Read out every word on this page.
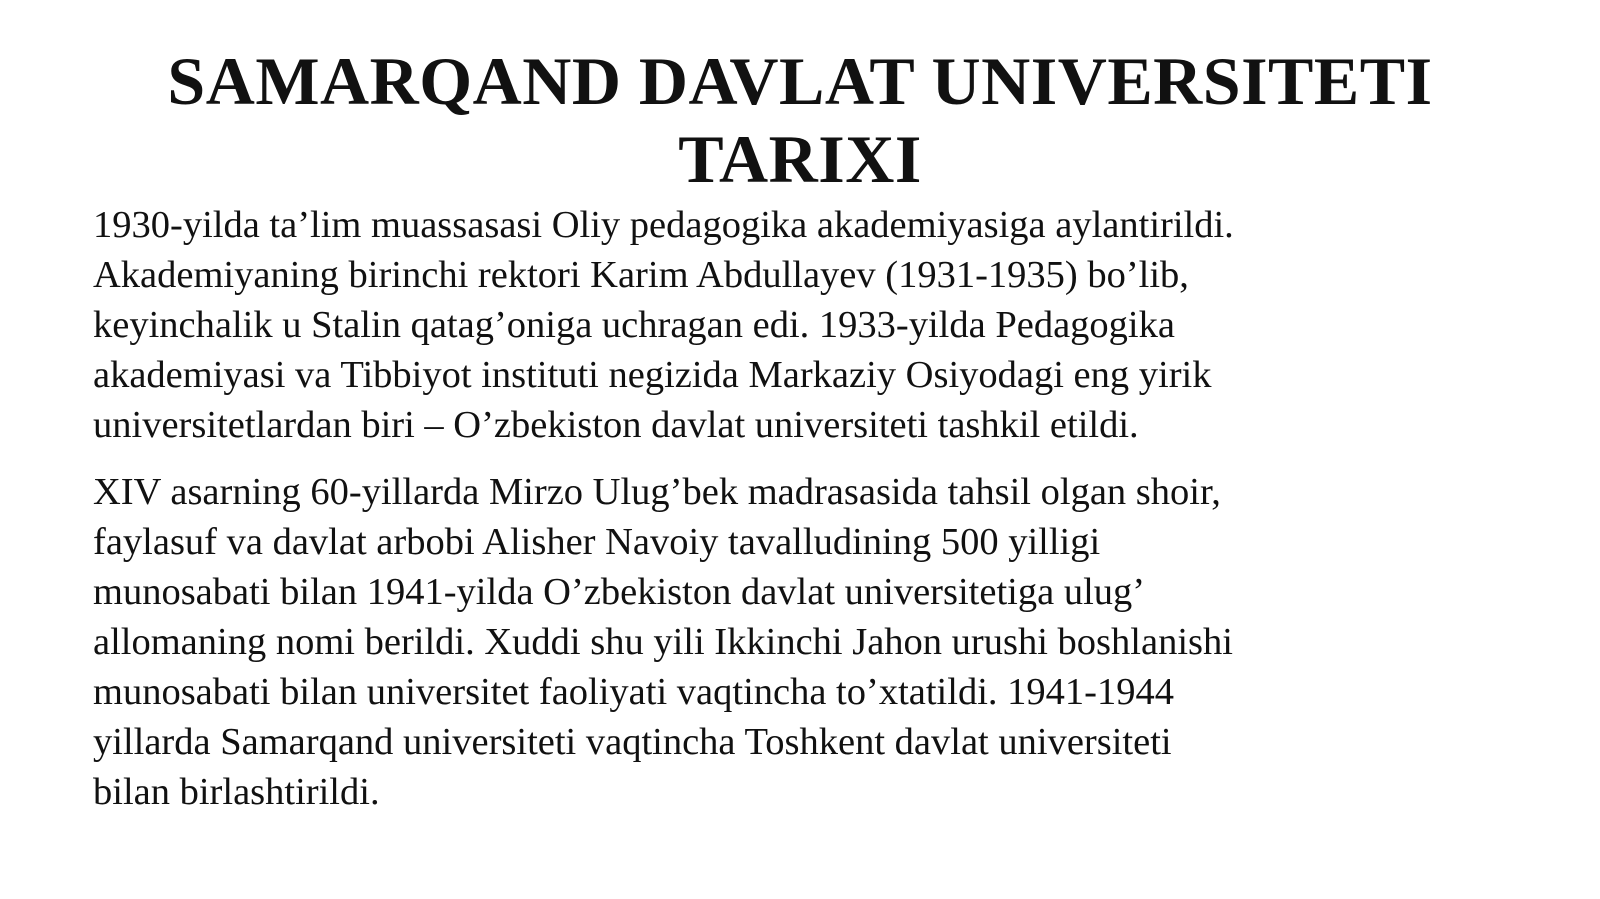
SAMARQAND DAVLAT UNIVERSITETI
TARIXI

1930-yilda ta’lim muassasasi Oliy pedagogika akademiyasiga aylantirildi.
Akademiyaning birinchi rektori Karim Abdullayev (1931-1935) bo’lib,
keyinchalik u Stalin qatag’oniga uchragan edi. 1933-yilda Pedagogika
akademiyasi va Tibbiyot instituti negizida Markaziy Osiyodagi eng yirik
universitetlardan biri – O’zbekiston davlat universiteti tashkil etildi.

XIV asarning 60-yillarda Mirzo Ulug’bek madrasasida tahsil olgan shoir,
faylasuf va davlat arbobi Alisher Navoiy tavalludining 500 yilligi
munosabati bilan 1941-yilda O’zbekiston davlat universitetiga ulug’
allomaning nomi berildi. Xuddi shu yili Ikkinchi Jahon urushi boshlanishi
munosabati bilan universitet faoliyati vaqtincha to’xtatildi. 1941-1944
yillarda Samarqand universiteti vaqtincha Toshkent davlat universiteti
bilan birlashtirildi.
